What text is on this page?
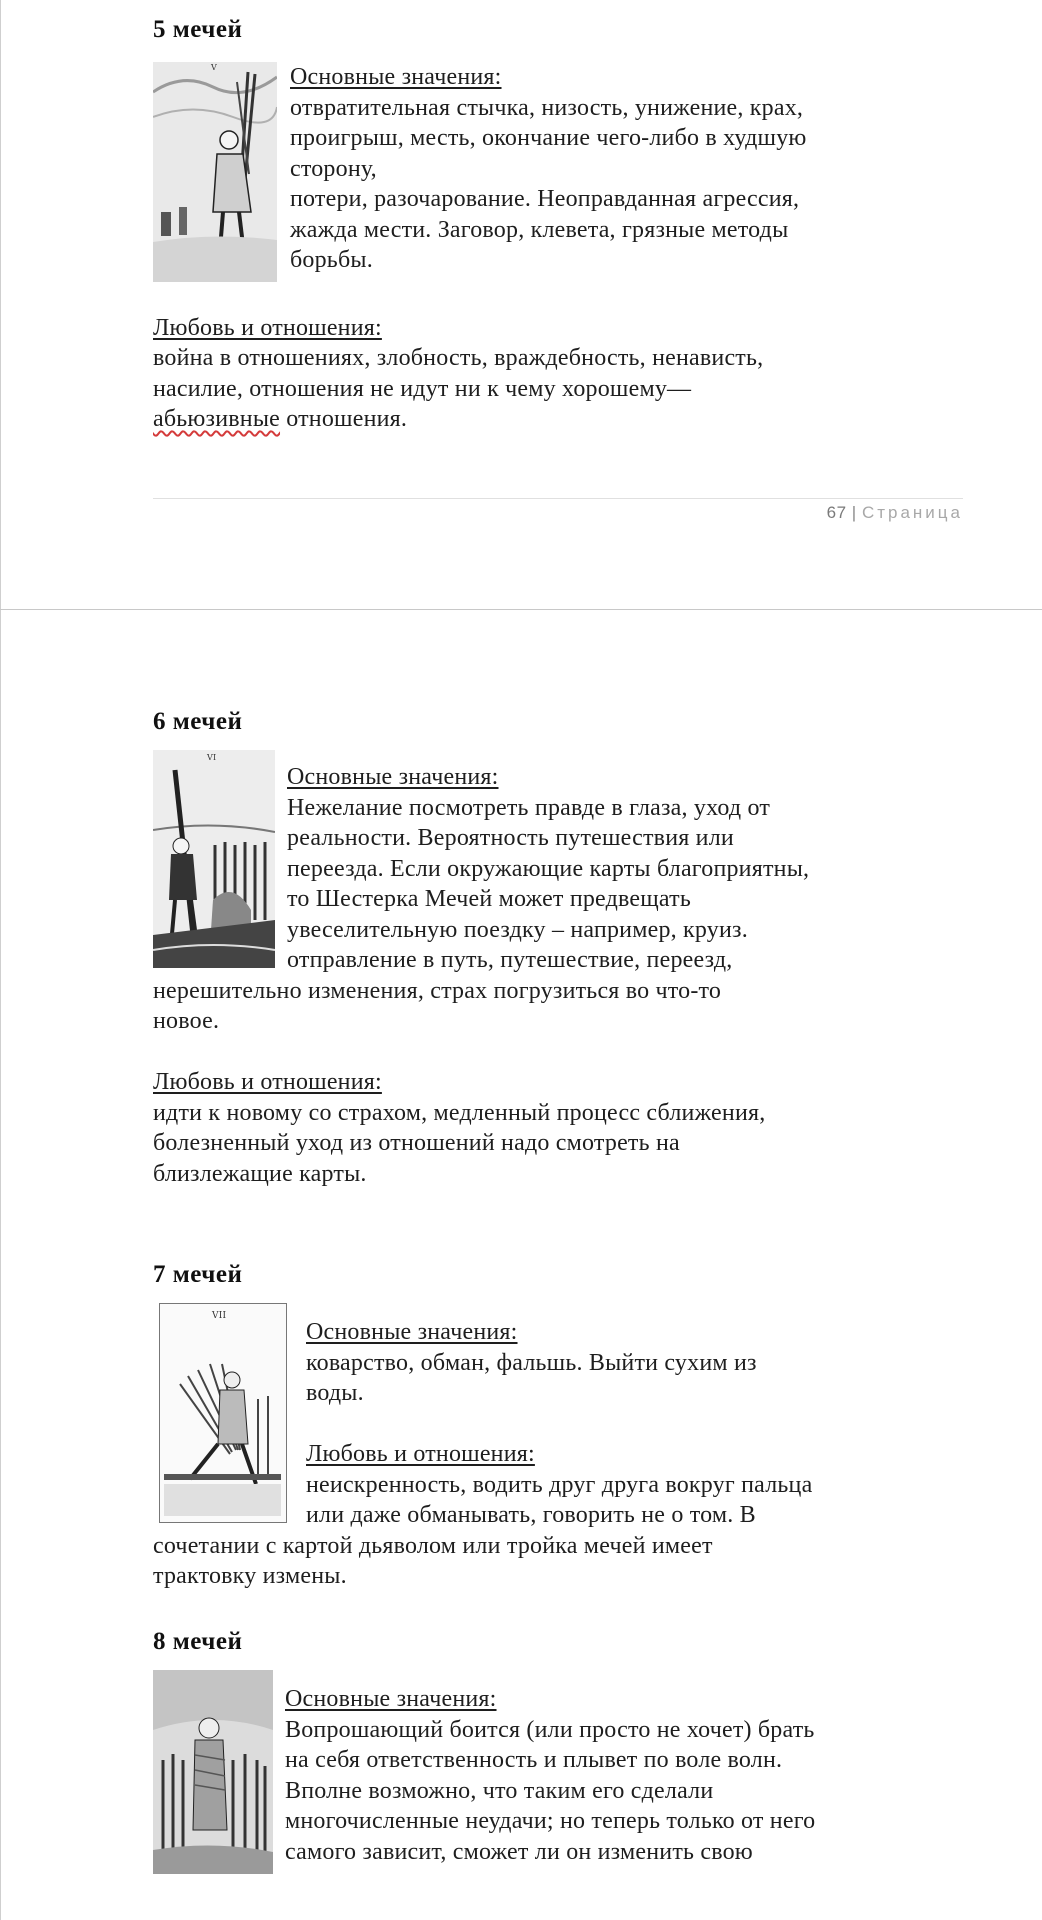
5 мечей
V	Основные значения:
отвратительная стычка, низость, унижение, крах,
проигрыш, месть, окончание чего-либо в худшую
сторону,
потери, разочарование. Неоправданная агрессия,
жажда мести. Заговор, клевета, грязные методы
борьбы.
Любовь и отношения:
война в отношениях, злобность, враждебность, ненависть,
насилие, отношения не идут ни к чему хорошему—
абьюзивные отношения.
67 | Страница
6 мечей
VI
Основные значения:
Нежелание посмотреть правде в глаза, уход от
реальности. Вероятность путешествия или
переезда. Если окружающие карты благоприятны,
то Шестерка Мечей может предвещать
увеселительную поездку – например, круиз.
отправление в путь, путешествие, переезд,
нерешительно изменения, страх погрузиться во что-то
новое.
Любовь и отношения:
идти к новому со страхом, медленный процесс сближения,
болезненный уход из отношений надо смотреть на
близлежащие карты.
7 мечей
VII
Основные значения:
коварство, обман, фальшь. Выйти сухим из
воды.
Любовь и отношения:
неискренность, водить друг друга вокруг пальца
или даже обманывать, говорить не о том. В
сочетании с картой дьяволом или тройка мечей имеет
трактовку измены.
8 мечей
Основные значения:
Вопрошающий боится (или просто не хочет) брать
на себя ответственность и плывет по воле волн.
Вполне возможно, что таким его сделали
многочисленные неудачи; но теперь только от него
самого зависит, сможет ли он изменить свою
